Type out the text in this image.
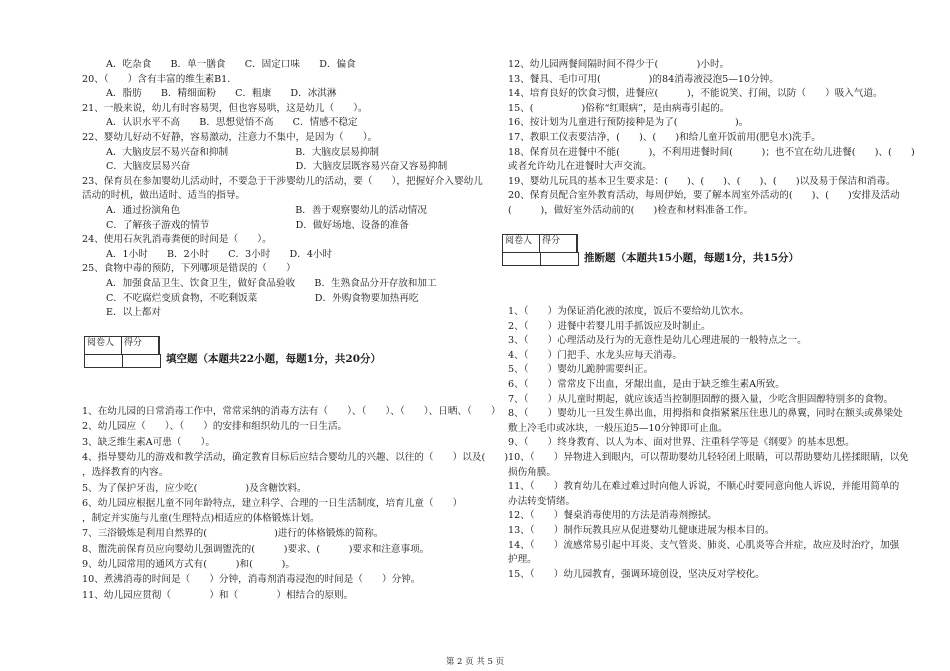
A．吃杂食　　B．单一膳食　　C．固定口味　　D．偏食
20、（　　）含有丰富的维生素B1.
A．脂肪　　B．精细面粉　　C．粗康　　D．冰淇淋
21、一般来说，幼儿有时容易哭，但也容易哄，这是幼儿（　　）。
A．认识水平不高　　B．思想觉悟不高　　C．情感不稳定
22、婴幼儿好动不好静，容易激动，注意力不集中，是因为（　　）。
A．大脑皮层不易兴奋和抑制　　　　　　　B．大脑皮层易抑制
C．大脑皮层易兴奋　　　　　　　　　　　D．大脑皮层既容易兴奋又容易抑制
23、保育员在参加婴幼儿活动时，不要急于干涉婴幼儿的活动，要（　　），把握好介入婴幼儿
活动的时机，做出适时、适当的指导。
A．通过扮演角色　　　　　　　　　　　　B．善于观察婴幼儿的活动情况
C．了解孩子游戏的情节　　　　　　　　　D．做好场地、设备的准备
24、使用石灰乳消毒粪便的时间是（　　）。
A．1小时　　B．2小时　　C．3小时　　D．4小时
25、食物中毒的预防，下列哪项是错误的（　　）
A．加强食品卫生、饮食卫生，做好食品验收　　B．生熟食品分开存放和加工
C．不吃腐烂变质食物，不吃剩饭菜　　　　　　D．外购食物要加热再吃
E．以上都对
阅卷人	得分
填空题（本题共22小题，每题1分，共20分）
1、在幼儿园的日常消毒工作中，常常采纳的消毒方法有（　　）、（　　）、（　　）、日晒、（　　）
2、幼儿园应（　　）、（　　）的安排和组织幼儿的一日生活。
3、缺乏维生素A可患（　　）。
4、指导婴幼儿的游戏和教学活动，确定教育目标后应结合婴幼儿的兴趣、以往的（　　）以及(　　)
，选择教育的内容。
5、为了保护牙齿，应少吃(　　　　　)及含糖饮料。
6、幼儿园应根据儿童不同年龄特点，建立科学、合理的一日生活制度，培育儿童（　　）
，制定并实施与儿童(生理特点)相适应的体格锻炼计划。
7、三浴锻炼是利用自然界的(　　　　　　　)进行的体格锻炼的简称。
8、盥洗前保育员应向婴幼儿强调盥洗的(　　　)要求、(　　　)要求和注意事项。
9、幼儿园常用的通风方式有(　　　)和(　　　)。
10、煮沸消毒的时间是（　　）分钟，消毒剂消毒浸泡的时间是（　　）分钟。
11、幼儿园应贯彻（　　　　）和（　　　　）相结合的原则。
12、幼儿园两餐间隔时间不得少于(　　　　)小时。
13、餐具、毛巾可用(　　　　　)的84消毒液浸泡5—10分钟。
14、培育良好的饮食习惯，进餐应(　　　)，不能说笑、打闹，以防（　　）吸入气道。
15、(　　　　　)俗称“红眼病”，是由病毒引起的。
16、按计划为儿童进行预防接种是为了(　　　　　　)。
17、教职工仪表要洁净，(　　)、(　　)和给儿童开饭前用(肥皂水)洗手。
18、保育员在进餐中不能(　　　)，不利用进餐时间(　　　)；也不宜在幼儿进餐(　　)、(　　)
或者允许幼儿在进餐时大声交流。
19、婴幼儿玩具的基本卫生要求是：(　　)、(　　)、(　　)、(　　)以及易于保洁和消毒。
20、保育员配合室外教育活动，每周伊始，要了解本周室外活动的(　　)、(　　)安排及活动
(　　　)，做好室外活动前的(　　)检查和材料准备工作。
阅卷人	得分
推断题（本题共15小题，每题1分，共15分）
1、（　　）为保证消化液的浓度，饭后不要给幼儿饮水。
2、（　　）进餐中若婴儿用手抓饭应及时制止。
3、（　　）心理活动及行为的无意性是幼儿心理进展的一般特点之一。
4、（　　）门把手、水龙头应每天消毒。
5、（　　）婴幼儿跪肿需要纠正。
6、（　　）常常皮下出血，牙龈出血，是由于缺乏维生素A所致。
7、（　　）从儿童时期起，就应该适当控制胆固醇的摄入量，少吃含胆固醇特别多的食物。
8、（　　）婴幼儿一旦发生鼻出血，用拇指和食指紧紧压住患儿的鼻翼，同时在额头或鼻梁处
敷上冷毛巾或冰块，一般压迫5—10分钟即可止血。
9、（　　）终身教育、以人为本、面对世界、注重科学等是《纲要》的基本思想。
10、（　　）异物进入到眼内，可以帮助婴幼儿轻轻闭上眼睛，可以帮助婴幼儿搓揉眼睛，以免
损伤角膜。
11、（　　）教育幼儿在难过难过时向他人诉说，不顺心时要同意向他人诉说，并能用简单的
办法转变情绪。
12、（　　）餐桌消毒使用的方法是消毒剂擦拭。
13、（　　）制作玩教具应从促进婴幼儿健康进展为根本目的。
14、（　　）流感常易引起中耳炎、支气管炎、肺炎、心肌炎等合并症，故应及时治疗，加强
护理。
15、（　　）幼儿园教育，强调环境创设，坚决反对学校化。
第 2 页 共 5 页
